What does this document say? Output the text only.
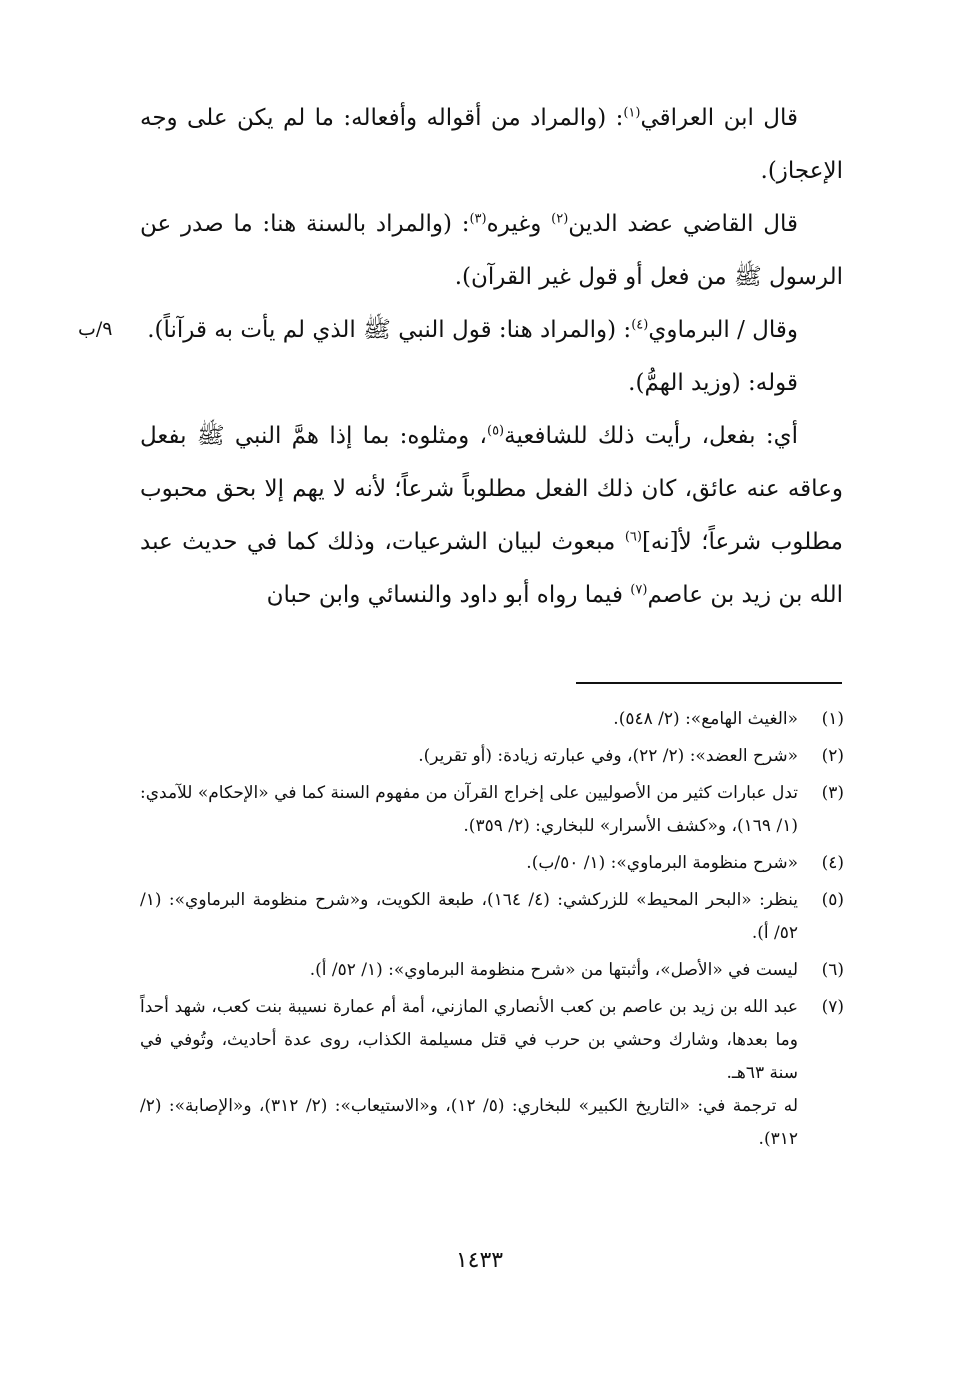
قال ابن العراقي$^{(١)}$: (والمراد من أقواله وأفعاله: ما لم يكن على وجه الإعجاز).

قال القاضي عضد الدين$^{(٢)}$ وغيره$^{(٣)}$: (والمراد بالسنة هنا: ما صدر عن الرسول ﷺ من فعل أو قول غير القرآن).

وقال / البرماوي$^{(٤)}$: (والمراد هنا: قول النبي ﷺ الذي لم يأت به قرآناً).

قوله: (وزيد الهمُّ).

أي: بفعل، رأيت ذلك للشافعية$^{(٥)}$، ومثلوه: بما إذا همَّ النبي ﷺ بفعل وعاقه عنه عائق، كان ذلك الفعل مطلوباً شرعاً؛ لأنه لا يهم إلا بحق محبوب مطلوب شرعاً؛ لأ[نه]$^{(٦)}$ مبعوث لبيان الشرعيات، وذلك كما في حديث عبد الله بن زيد بن عاصم$^{(٧)}$ فيما رواه أبو داود والنسائي وابن حبان

٩/ب
(١)

«الغيث الهامع»: (٢/ ٥٤٨).

(٢)

«شرح العضد»: (٢/ ٢٢)، وفي عبارته زيادة: (أو تقرير).

(٣)

تدل عبارات كثير من الأصوليين على إخراج القرآن من مفهوم السنة كما في «الإحكام» للآمدي: (١/ ١٦٩)، و«كشف الأسرار» للبخاري: (٢/ ٣٥٩).

(٤)

«شرح منظومة البرماوي»: (١/ ٥٠/ب).

(٥)

ينظر: «البحر المحيط» للزركشي: (٤/ ١٦٤)، طبعة الكويت، و«شرح منظومة البرماوي»: (١/ ٥٢/ أ).

(٦)

ليست في «الأصل»، وأثبتها من «شرح منظومة البرماوي»: (١/ ٥٢/ أ).

(٧)

عبد الله بن زيد بن عاصم بن كعب الأنصاري المازني، أمة أم عمارة نسيبة بنت كعب، شهد أحداً وما بعدها، وشارك وحشي بن حرب في قتل مسيلمة الكذاب، روى عدة أحاديث، وتُوفي في سنة ٦٣هـ.

له ترجمة في: «التاريخ الكبير» للبخاري: (٥/ ١٢)، و«الاستيعاب»: (٢/ ٣١٢)، و«الإصابة»: (٢/ ٣١٢).

١٤٣٣
